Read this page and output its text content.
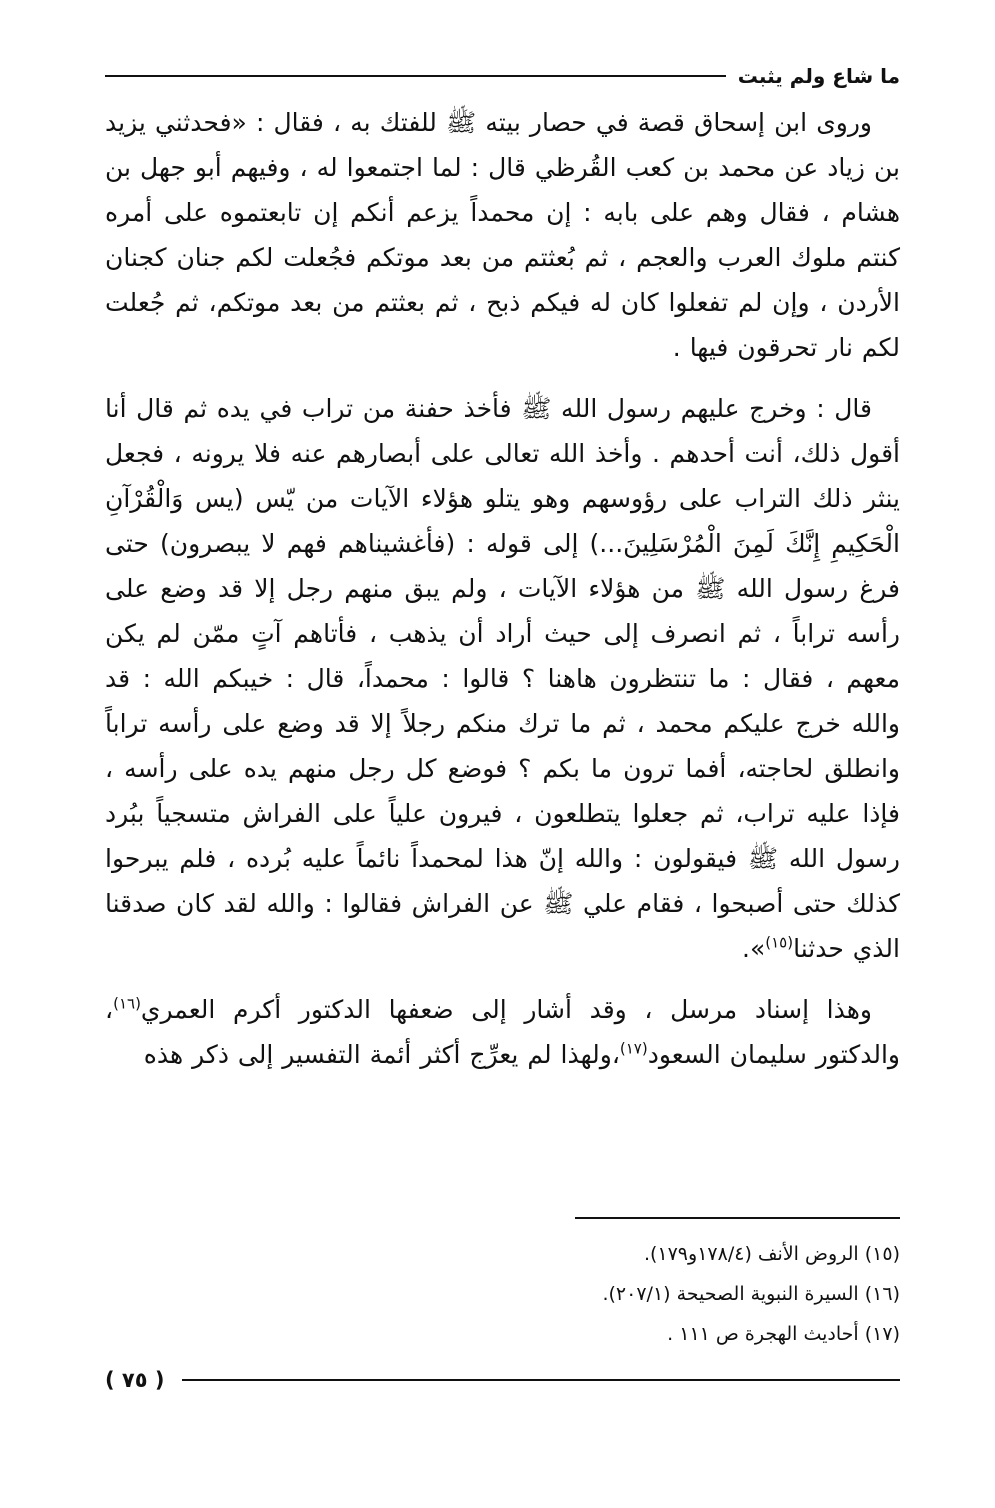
ما شاع ولم يثبت

وروى ابن إسحاق قصة في حصار بيته ﷺ للفتك به ، فقال : «فحدثني يزيد بن زياد عن محمد بن كعب القُرظي قال : لما اجتمعوا له ، وفيهم أبو جهل بن هشام ، فقال وهم على بابه : إن محمداً يزعم أنكم إن تابعتموه على أمره كنتم ملوك العرب والعجم ، ثم بُعثتم من بعد موتكم فجُعلت لكم جنان كجنان الأردن ، وإن لم تفعلوا كان له فيكم ذبح ، ثم بعثتم من بعد موتكم، ثم جُعلت لكم نار تحرقون فيها .

قال : وخرج عليهم رسول الله ﷺ فأخذ حفنة من تراب في يده ثم قال أنا أقول ذلك، أنت أحدهم . وأخذ الله تعالى على أبصارهم عنه فلا يرونه ، فجعل ينثر ذلك التراب على رؤوسهم وهو يتلو هؤلاء الآيات من يّس (يس وَالْقُرْآنِ الْحَكِيمِ إِنَّكَ لَمِنَ الْمُرْسَلِينَ...) إلى قوله : (فأغشيناهم فهم لا يبصرون) حتى فرغ رسول الله ﷺ من هؤلاء الآيات ، ولم يبق منهم رجل إلا قد وضع على رأسه تراباً ، ثم انصرف إلى حيث أراد أن يذهب ، فأتاهم آتٍ ممّن لم يكن معهم ، فقال : ما تنتظرون هاهنا ؟ قالوا : محمداً، قال : خيبكم الله : قد والله خرج عليكم محمد ، ثم ما ترك منكم رجلاً إلا قد وضع على رأسه تراباً وانطلق لحاجته، أفما ترون ما بكم ؟ فوضع كل رجل منهم يده على رأسه ، فإذا عليه تراب، ثم جعلوا يتطلعون ، فيرون علياً على الفراش متسجياً ببُرد رسول الله ﷺ فيقولون : والله إنّ هذا لمحمداً نائماً عليه بُرده ، فلم يبرحوا كذلك حتى أصبحوا ، فقام علي ﷺ عن الفراش فقالوا : والله لقد كان صدقنا الذي حدثنا$^{(١٥)}$».

وهذا إسناد مرسل ، وقد أشار إلى ضعفها الدكتور أكرم العمري$^{(١٦)}$، والدكتور سليمان السعود$^{(١٧)}$،ولهذا لم يعرِّج أكثر أئمة التفسير إلى ذكر هذه

(١٥) الروض الأنف (١٧٨/٤و١٧٩).
(١٦) السيرة النبوية الصحيحة (٢٠٧/١).
(١٧) أحاديث الهجرة ص ١١١ .
( ٧٥ )
